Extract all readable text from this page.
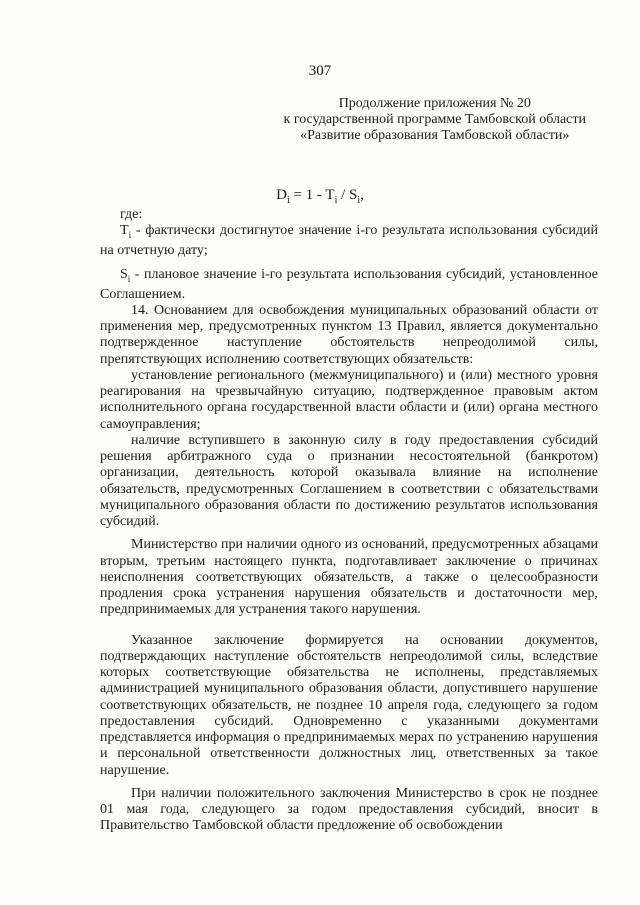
307
Продолжение приложения № 20
к государственной программе Тамбовской области
«Развитие образования Тамбовской области»
$D_i = 1 - T_i / S_i$,

где:

$T_i$ - фактически достигнутое значение i-го результата использования субсидий на отчетную дату;

$S_i$ - плановое значение i-го результата использования субсидий, установленное Соглашением.

14. Основанием для освобождения муниципальных образований области от применения мер, предусмотренных пунктом 13 Правил, является документально подтвержденное наступление обстоятельств непреодолимой силы, препятствующих исполнению соответствующих обязательств:

установление регионального (межмуниципального) и (или) местного уровня реагирования на чрезвычайную ситуацию, подтвержденное правовым актом исполнительного органа государственной власти области и (или) органа местного самоуправления;

наличие вступившего в законную силу в году предоставления субсидий решения арбитражного суда о признании несостоятельной (банкротом) организации, деятельность которой оказывала влияние на исполнение обязательств, предусмотренных Соглашением в соответствии с обязательствами муниципального образования области по достижению результатов использования субсидий.

Министерство при наличии одного из оснований, предусмотренных абзацами вторым, третьим настоящего пункта, подготавливает заключение о причинах неисполнения соответствующих обязательств, а также о целесообразности продления срока устранения нарушения обязательств и достаточности мер, предпринимаемых для устранения такого нарушения.

Указанное заключение формируется на основании документов, подтверждающих наступление обстоятельств непреодолимой силы, вследствие которых соответствующие обязательства не исполнены, представляемых администрацией муниципального образования области, допустившего нарушение соответствующих обязательств, не позднее 10 апреля года, следующего за годом предоставления субсидий. Одновременно с указанными документами представляется информация о предпринимаемых мерах по устранению нарушения и персональной ответственности должностных лиц, ответственных за такое нарушение.

При наличии положительного заключения Министерство в срок не позднее 01 мая года, следующего за годом предоставления субсидий, вносит в Правительство Тамбовской области предложение об освобождении
